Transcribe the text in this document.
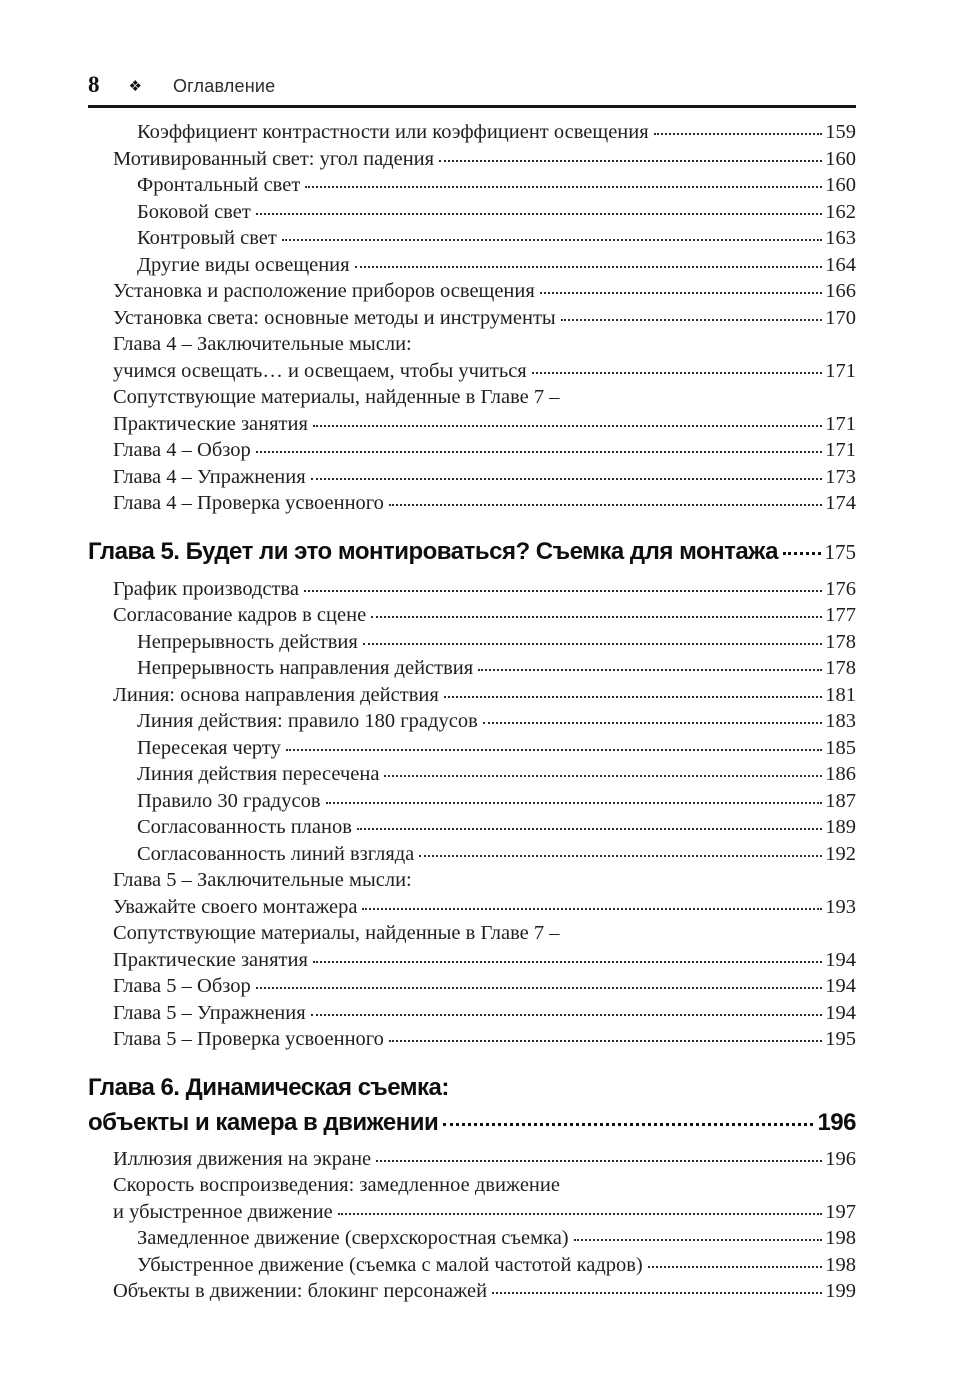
8 ❖ Оглавление
Коэффициент контрастности или коэффициент освещения	159
Мотивированный свет: угол падения	160
Фронтальный свет	160
Боковой свет	162
Контровый свет	163
Другие виды освещения	164
Установка и расположение приборов освещения	166
Установка света: основные методы и инструменты	170
Глава 4 – Заключительные мысли:
учимся освещать… и освещаем, чтобы учиться	171
Сопутствующие материалы, найденные в Главе 7 –
Практические занятия	171
Глава 4 – Обзор	171
Глава 4 – Упражнения	173
Глава 4 – Проверка усвоенного	174
Глава 5. Будет ли это монтироваться? Съемка для монтажа 175
График производства	176
Согласование кадров в сцене	177
Непрерывность действия	178
Непрерывность направления действия	178
Линия: основа направления действия	181
Линия действия: правило 180 градусов	183
Пересекая черту	185
Линия действия пересечена	186
Правило 30 градусов	187
Согласованность планов	189
Согласованность линий взгляда	192
Глава 5 – Заключительные мысли:
Уважайте своего монтажера	193
Сопутствующие материалы, найденные в Главе 7 –
Практические занятия	194
Глава 5 – Обзор	194
Глава 5 – Упражнения	194
Глава 5 – Проверка усвоенного	195
Глава 6. Динамическая съемка:
объекты и камера в движении	196
Иллюзия движения на экране	196
Скорость воспроизведения: замедленное движение
и убыстренное движение	197
Замедленное движение (сверхскоростная съемка)	198
Убыстренное движение (съемка с малой частотой кадров)	198
Объекты в движении: блокинг персонажей	199
